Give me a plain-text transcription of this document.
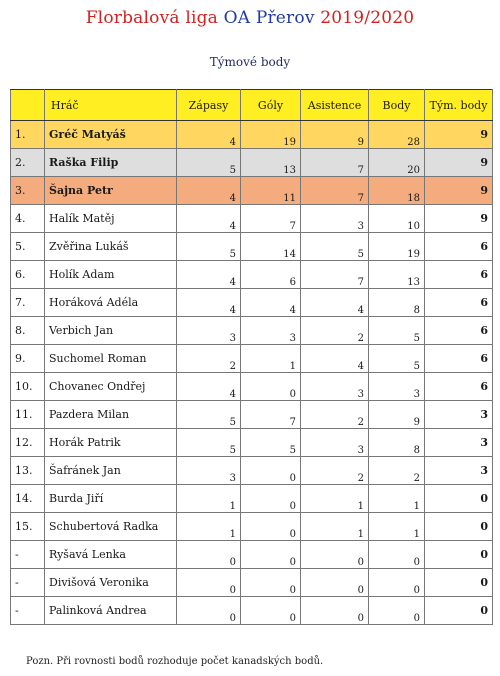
Florbalová liga OA Přerov 2019/2020
Týmové body
	Hráč	Zápasy	Góly	Asistence	Body	Tým. body
1.	Gréč Matyáš	4	19	9	28	9
2.	Raška Filip	5	13	7	20	9
3.	Šajna Petr	4	11	7	18	9
4.	Halík Matěj	4	7	3	10	9
5.	Zvěřina Lukáš	5	14	5	19	6
6.	Holík Adam	4	6	7	13	6
7.	Horáková Adéla	4	4	4	8	6
8.	Verbich Jan	3	3	2	5	6
9.	Suchomel Roman	2	1	4	5	6
10.	Chovanec Ondřej	4	0	3	3	6
11.	Pazdera Milan	5	7	2	9	3
12.	Horák Patrik	5	5	3	8	3
13.	Šafránek Jan	3	0	2	2	3
14.	Burda Jiří	1	0	1	1	0
15.	Schubertová Radka	1	0	1	1	0
-	Ryšavá Lenka	0	0	0	0	0
-	Divišová Veronika	0	0	0	0	0
-	Palinková Andrea	0	0	0	0	0
Pozn. Při rovnosti bodů rozhoduje počet kanadských bodů.
